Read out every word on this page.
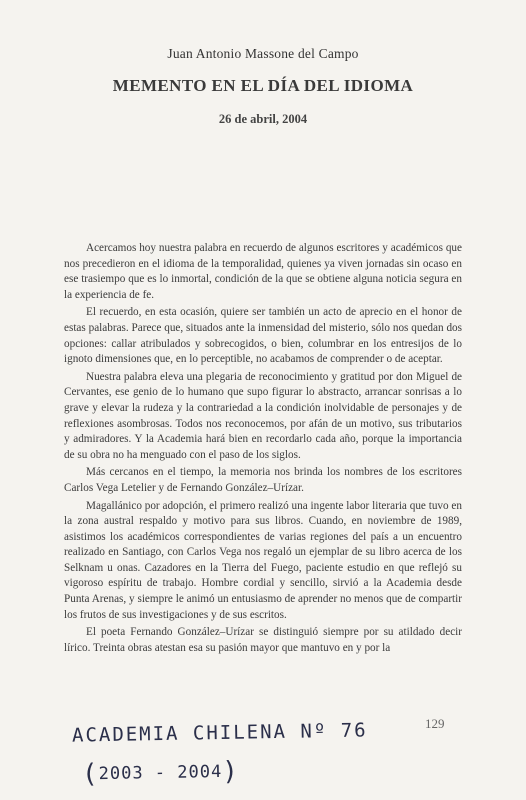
Juan Antonio Massone del Campo
MEMENTO EN EL DÍA DEL IDIOMA
26 de abril, 2004

Acercamos hoy nuestra palabra en recuerdo de algunos escritores y académicos que nos precedieron en el idioma de la temporalidad, quienes ya viven jornadas sin ocaso en ese trasiempo que es lo inmortal, condición de la que se obtiene alguna noticia segura en la experiencia de fe.

El recuerdo, en esta ocasión, quiere ser también un acto de aprecio en el honor de estas palabras. Parece que, situados ante la inmensidad del misterio, sólo nos quedan dos opciones: callar atribulados y sobrecogidos, o bien, columbrar en los entresijos de lo ignoto dimensiones que, en lo perceptible, no acabamos de comprender o de aceptar.

Nuestra palabra eleva una plegaria de reconocimiento y gratitud por don Miguel de Cervantes, ese genio de lo humano que supo figurar lo abstracto, arrancar sonrisas a lo grave y elevar la rudeza y la contrariedad a la condición inolvidable de personajes y de reflexiones asombrosas. Todos nos reconocemos, por afán de un motivo, sus tributarios y admiradores. Y la Academia hará bien en recordarlo cada año, porque la importancia de su obra no ha menguado con el paso de los siglos.

Más cercanos en el tiempo, la memoria nos brinda los nombres de los escritores Carlos Vega Letelier y de Fernando González–Urízar.

Magallánico por adopción, el primero realizó una ingente labor literaria que tuvo en la zona austral respaldo y motivo para sus libros. Cuando, en noviembre de 1989, asistimos los académicos correspondientes de varias regiones del país a un encuentro realizado en Santiago, con Carlos Vega nos regaló un ejemplar de su libro acerca de los Selknam u onas. Cazadores en la Tierra del Fuego, paciente estudio en que reflejó su vigoroso espíritu de trabajo. Hombre cordial y sencillo, sirvió a la Academia desde Punta Arenas, y siempre le animó un entusiasmo de aprender no menos que de compartir los frutos de sus investigaciones y de sus escritos.

El poeta Fernando González–Urízar se distinguió siempre por su atildado decir lírico. Treinta obras atestan esa su pasión mayor que mantuvo en y por la

129
ACADEMIA CHILENA Nº 76
(2003 - 2004)
